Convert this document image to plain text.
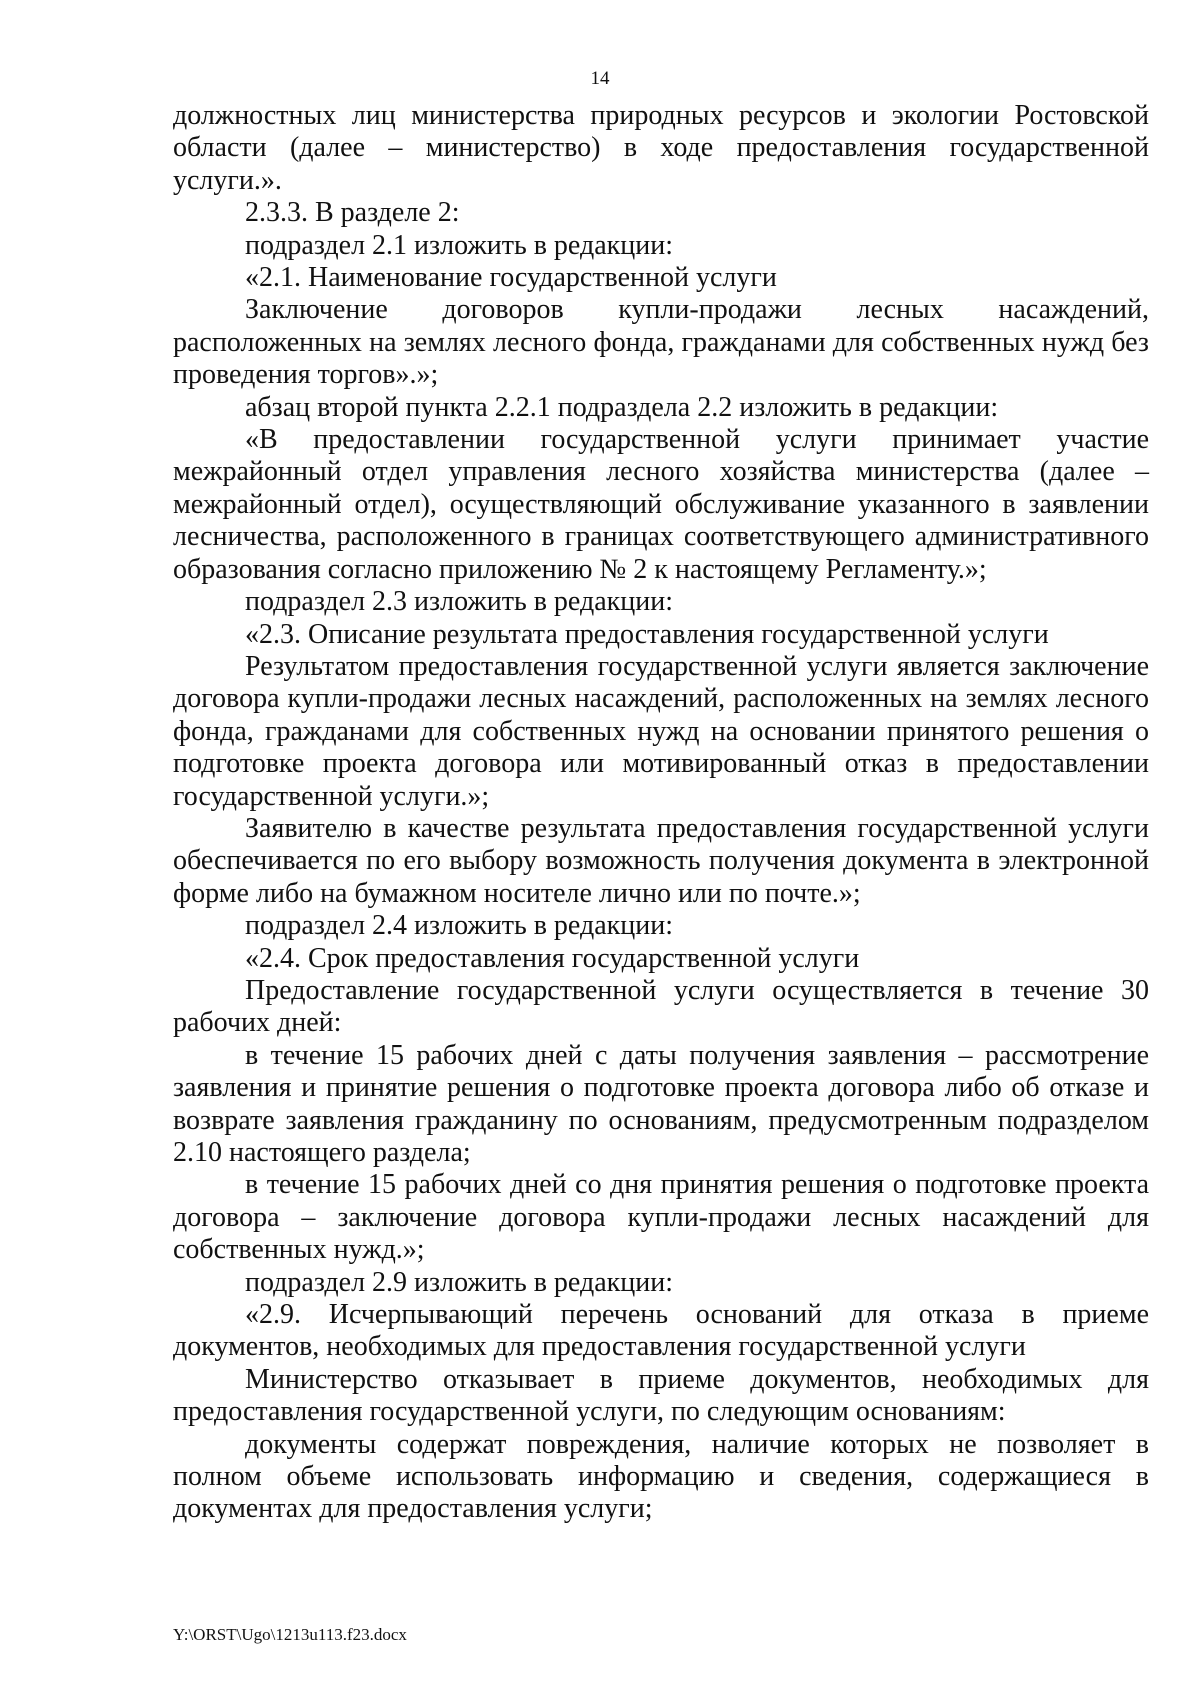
14

должностных лиц министерства природных ресурсов и экологии Ростовской области (далее – министерство) в ходе предоставления государственной услуги.».

2.3.3. В разделе 2:

подраздел 2.1 изложить в редакции:

«2.1. Наименование государственной услуги

Заключение договоров купли-продажи лесных насаждений, расположенных на землях лесного фонда, гражданами для собственных нужд без проведения торгов».»;

абзац второй пункта 2.2.1 подраздела 2.2 изложить в редакции:

«В предоставлении государственной услуги принимает участие межрайонный отдел управления лесного хозяйства министерства (далее – межрайонный отдел), осуществляющий обслуживание указанного в заявлении лесничества, расположенного в границах соответствующего административного образования согласно приложению № 2 к настоящему Регламенту.»;

подраздел 2.3 изложить в редакции:

«2.3. Описание результата предоставления государственной услуги

Результатом предоставления государственной услуги является заключение договора купли-продажи лесных насаждений, расположенных на землях лесного фонда, гражданами для собственных нужд на основании принятого решения о подготовке проекта договора или мотивированный отказ в предоставлении государственной услуги.»;

Заявителю в качестве результата предоставления государственной услуги обеспечивается по его выбору возможность получения документа в электронной форме либо на бумажном носителе лично или по почте.»;

подраздел 2.4 изложить в редакции:

«2.4. Срок предоставления государственной услуги

Предоставление государственной услуги осуществляется в течение 30 рабочих дней:

в течение 15 рабочих дней с даты получения заявления – рассмотрение заявления и принятие решения о подготовке проекта договора либо об отказе и возврате заявления гражданину по основаниям, предусмотренным подразделом 2.10 настоящего раздела;

в течение 15 рабочих дней со дня принятия решения о подготовке проекта договора – заключение договора купли-продажи лесных насаждений для собственных нужд.»;

подраздел 2.9 изложить в редакции:

«2.9. Исчерпывающий перечень оснований для отказа в приеме документов, необходимых для предоставления государственной услуги

Министерство отказывает в приеме документов, необходимых для предоставления государственной услуги, по следующим основаниям:

документы содержат повреждения, наличие которых не позволяет в полном объеме использовать информацию и сведения, содержащиеся в документах для предоставления услуги;

Y:\ORST\Ugo\1213u113.f23.docx
